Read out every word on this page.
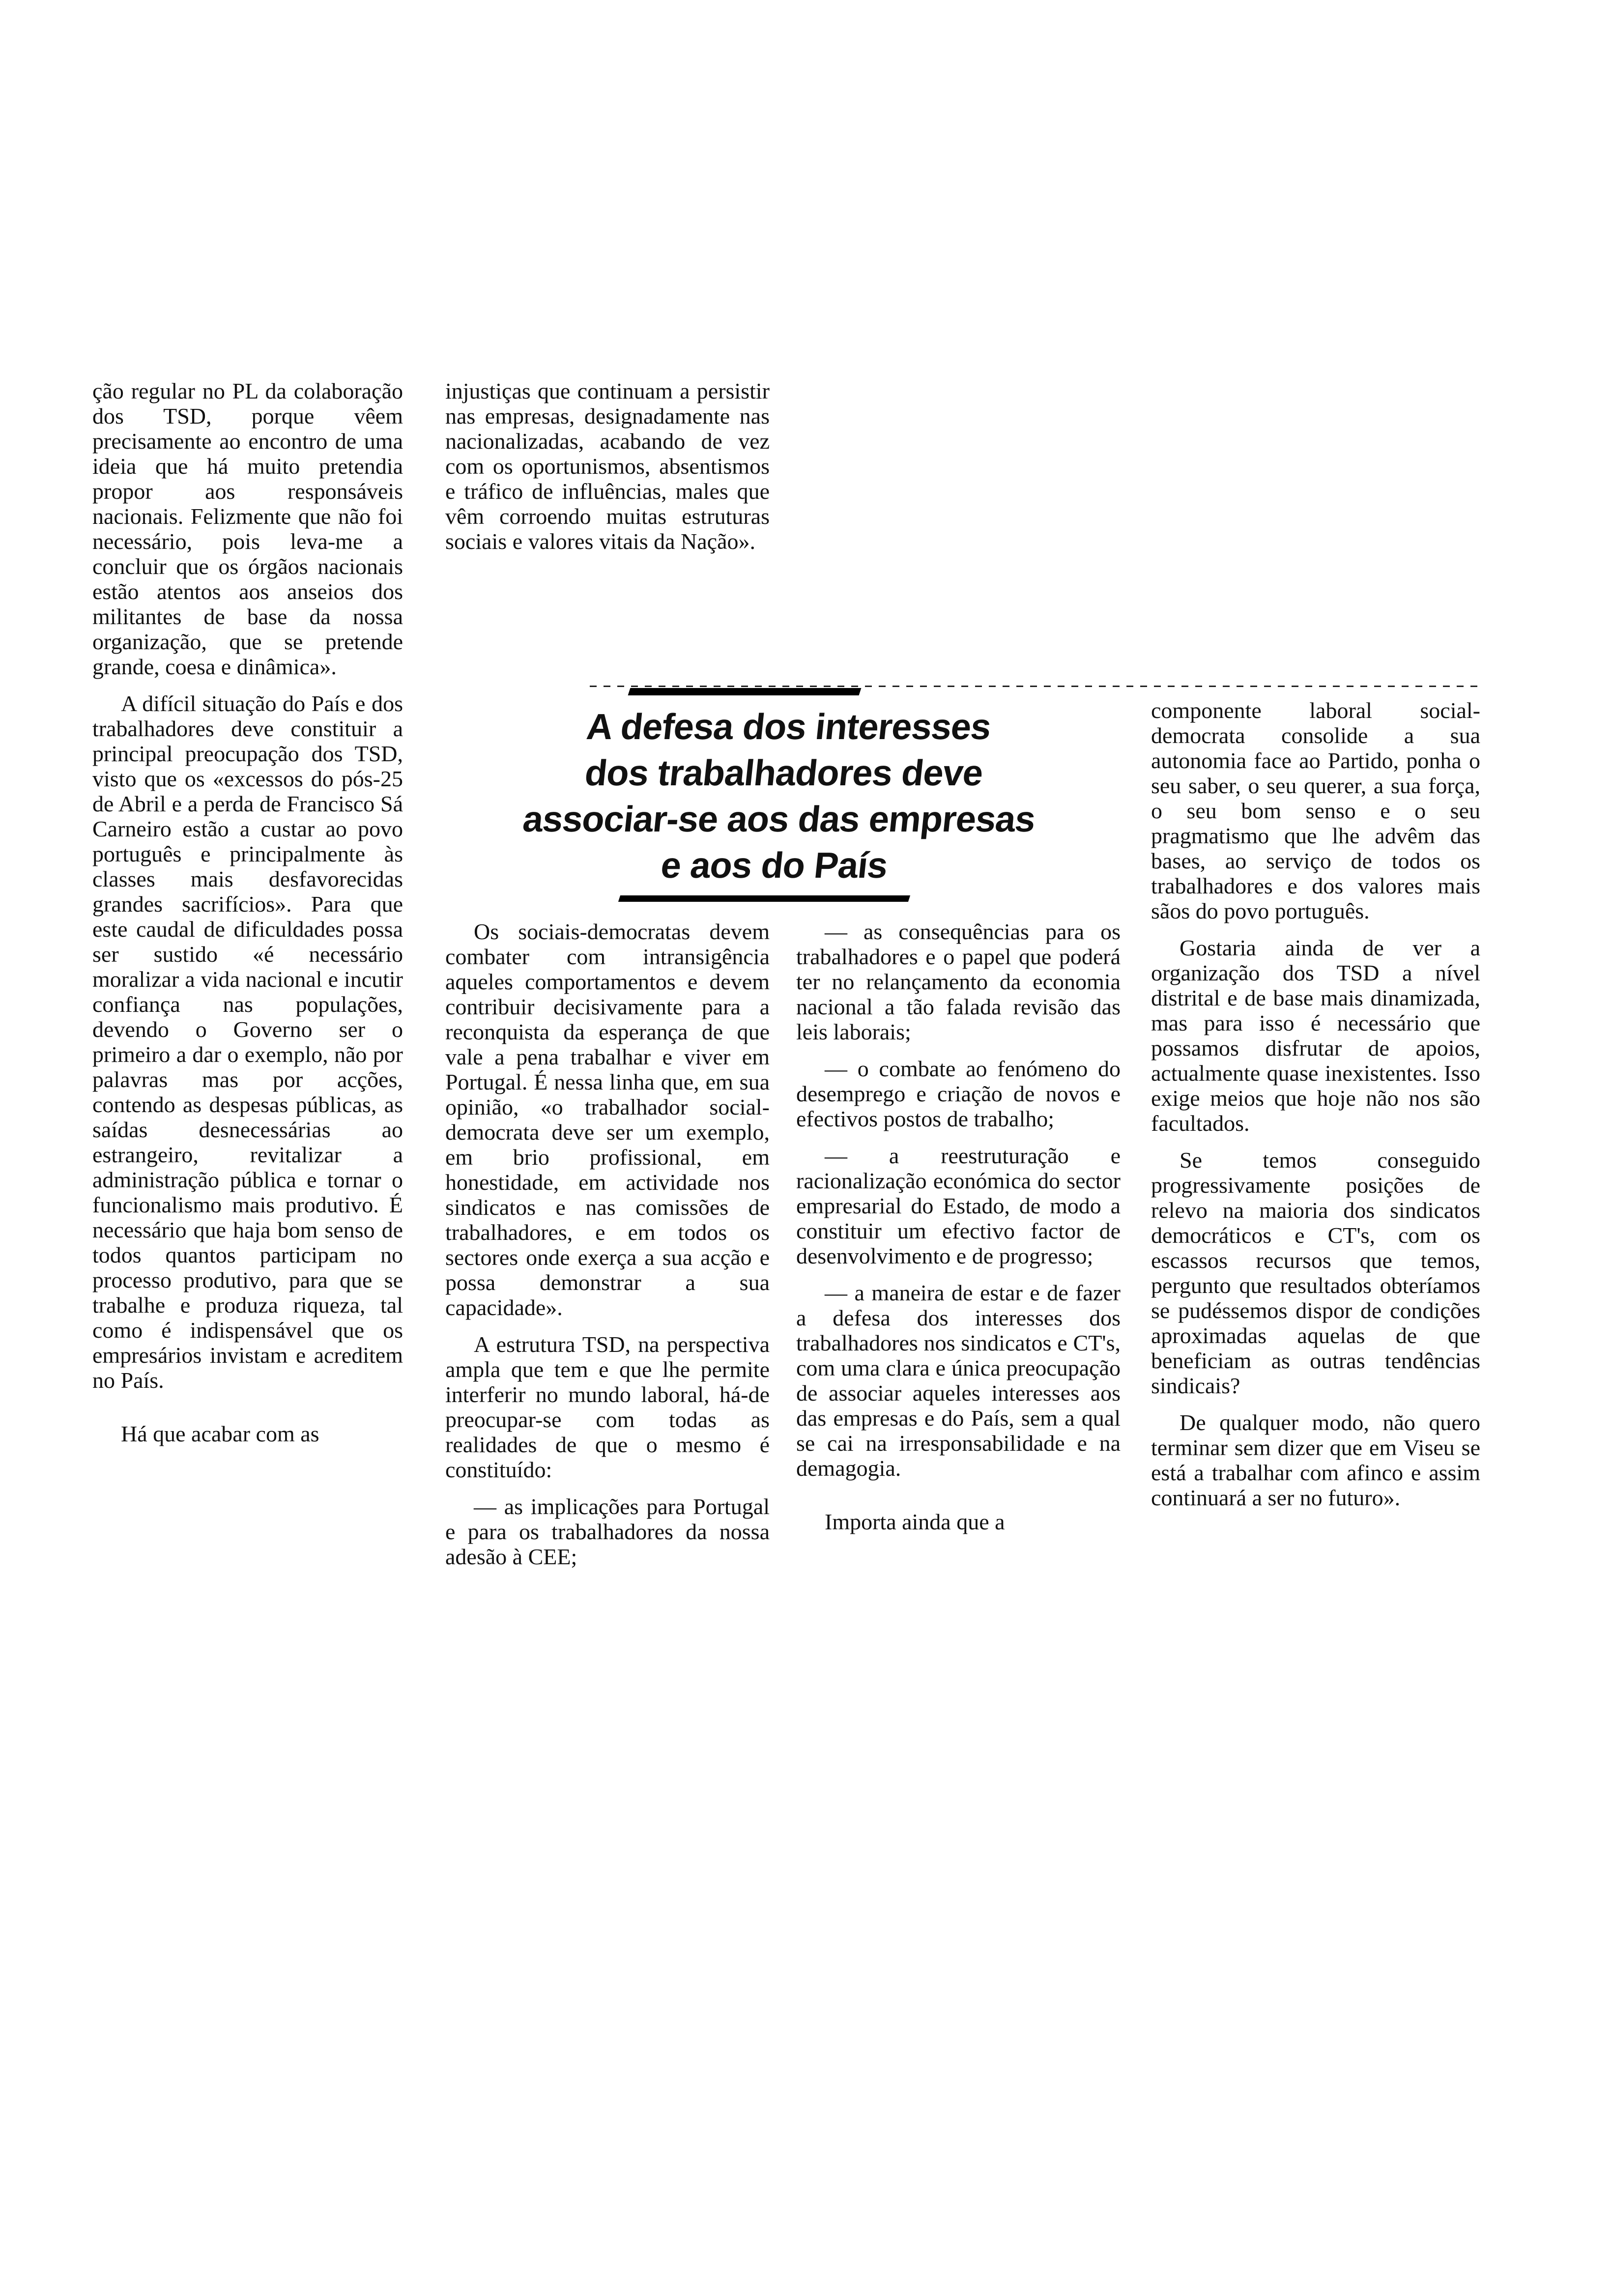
ção regular no PL da colaboração dos TSD, porque vêem precisamente ao encontro de uma ideia que há muito pretendia propor aos responsáveis nacionais. Felizmente que não foi necessário, pois leva-me a concluir que os órgãos nacionais estão atentos aos anseios dos militantes de base da nossa organização, que se pretende grande, coesa e dinâmica».

A difícil situação do País e dos trabalhadores deve constituir a principal preocupação dos TSD, visto que os «excessos do pós-25 de Abril e a perda de Francisco Sá Carneiro estão a custar ao povo português e principalmente às classes mais desfavorecidas grandes sacrifícios». Para que este caudal de dificuldades possa ser sustido «é necessário moralizar a vida nacional e incutir confiança nas populações, devendo o Governo ser o primeiro a dar o exemplo, não por palavras mas por acções, contendo as despesas públicas, as saídas desnecessárias ao estrangeiro, revitalizar a administração pública e tornar o funcionalismo mais produtivo. É necessário que haja bom senso de todos quantos participam no processo produtivo, para que se trabalhe e produza riqueza, tal como é indispensável que os empresários invistam e acreditem no País.

Há que acabar com as

injustiças que continuam a persistir nas empresas, designadamente nas nacionalizadas, acabando de vez com os oportunismos, absentismos e tráfico de influências, males que vêm corroendo muitas estruturas sociais e valores vitais da Nação».

A defesa dos interesses
dos trabalhadores deve
associar-se aos das empresas
e aos do País

Os sociais-democratas devem combater com intransigência aqueles comportamentos e devem contribuir decisivamente para a reconquista da esperança de que vale a pena trabalhar e viver em Portugal. É nessa linha que, em sua opinião, «o trabalhador social-democrata deve ser um exemplo, em brio profissional, em honestidade, em actividade nos sindicatos e nas comissões de trabalhadores, e em todos os sectores onde exerça a sua acção e possa demonstrar a sua capacidade».

A estrutura TSD, na perspectiva ampla que tem e que lhe permite interferir no mundo laboral, há-de preocupar-se com todas as realidades de que o mesmo é constituído:

— as implicações para Portugal e para os trabalhadores da nossa adesão à CEE;

— as consequências para os trabalhadores e o papel que poderá ter no relançamento da economia nacional a tão falada revisão das leis laborais;

— o combate ao fenómeno do desemprego e criação de novos e efectivos postos de trabalho;

— a reestruturação e racionalização económica do sector empresarial do Estado, de modo a constituir um efectivo factor de desenvolvimento e de progresso;

— a maneira de estar e de fazer a defesa dos interesses dos trabalhadores nos sindicatos e CT's, com uma clara e única preocupação de associar aqueles interesses aos das empresas e do País, sem a qual se cai na irresponsabilidade e na demagogia.

Importa ainda que a

componente laboral social-democrata consolide a sua autonomia face ao Partido, ponha o seu saber, o seu querer, a sua força, o seu bom senso e o seu pragmatismo que lhe advêm das bases, ao serviço de todos os trabalhadores e dos valores mais sãos do povo português.

Gostaria ainda de ver a organização dos TSD a nível distrital e de base mais dinamizada, mas para isso é necessário que possamos disfrutar de apoios, actualmente quase inexistentes. Isso exige meios que hoje não nos são facultados.

Se temos conseguido progressivamente posições de relevo na maioria dos sindicatos democráticos e CT's, com os escassos recursos que temos, pergunto que resultados obteríamos se pudéssemos dispor de condições aproximadas aquelas de que beneficiam as outras tendências sindicais?

De qualquer modo, não quero terminar sem dizer que em Viseu se está a trabalhar com afinco e assim continuará a ser no futuro».
